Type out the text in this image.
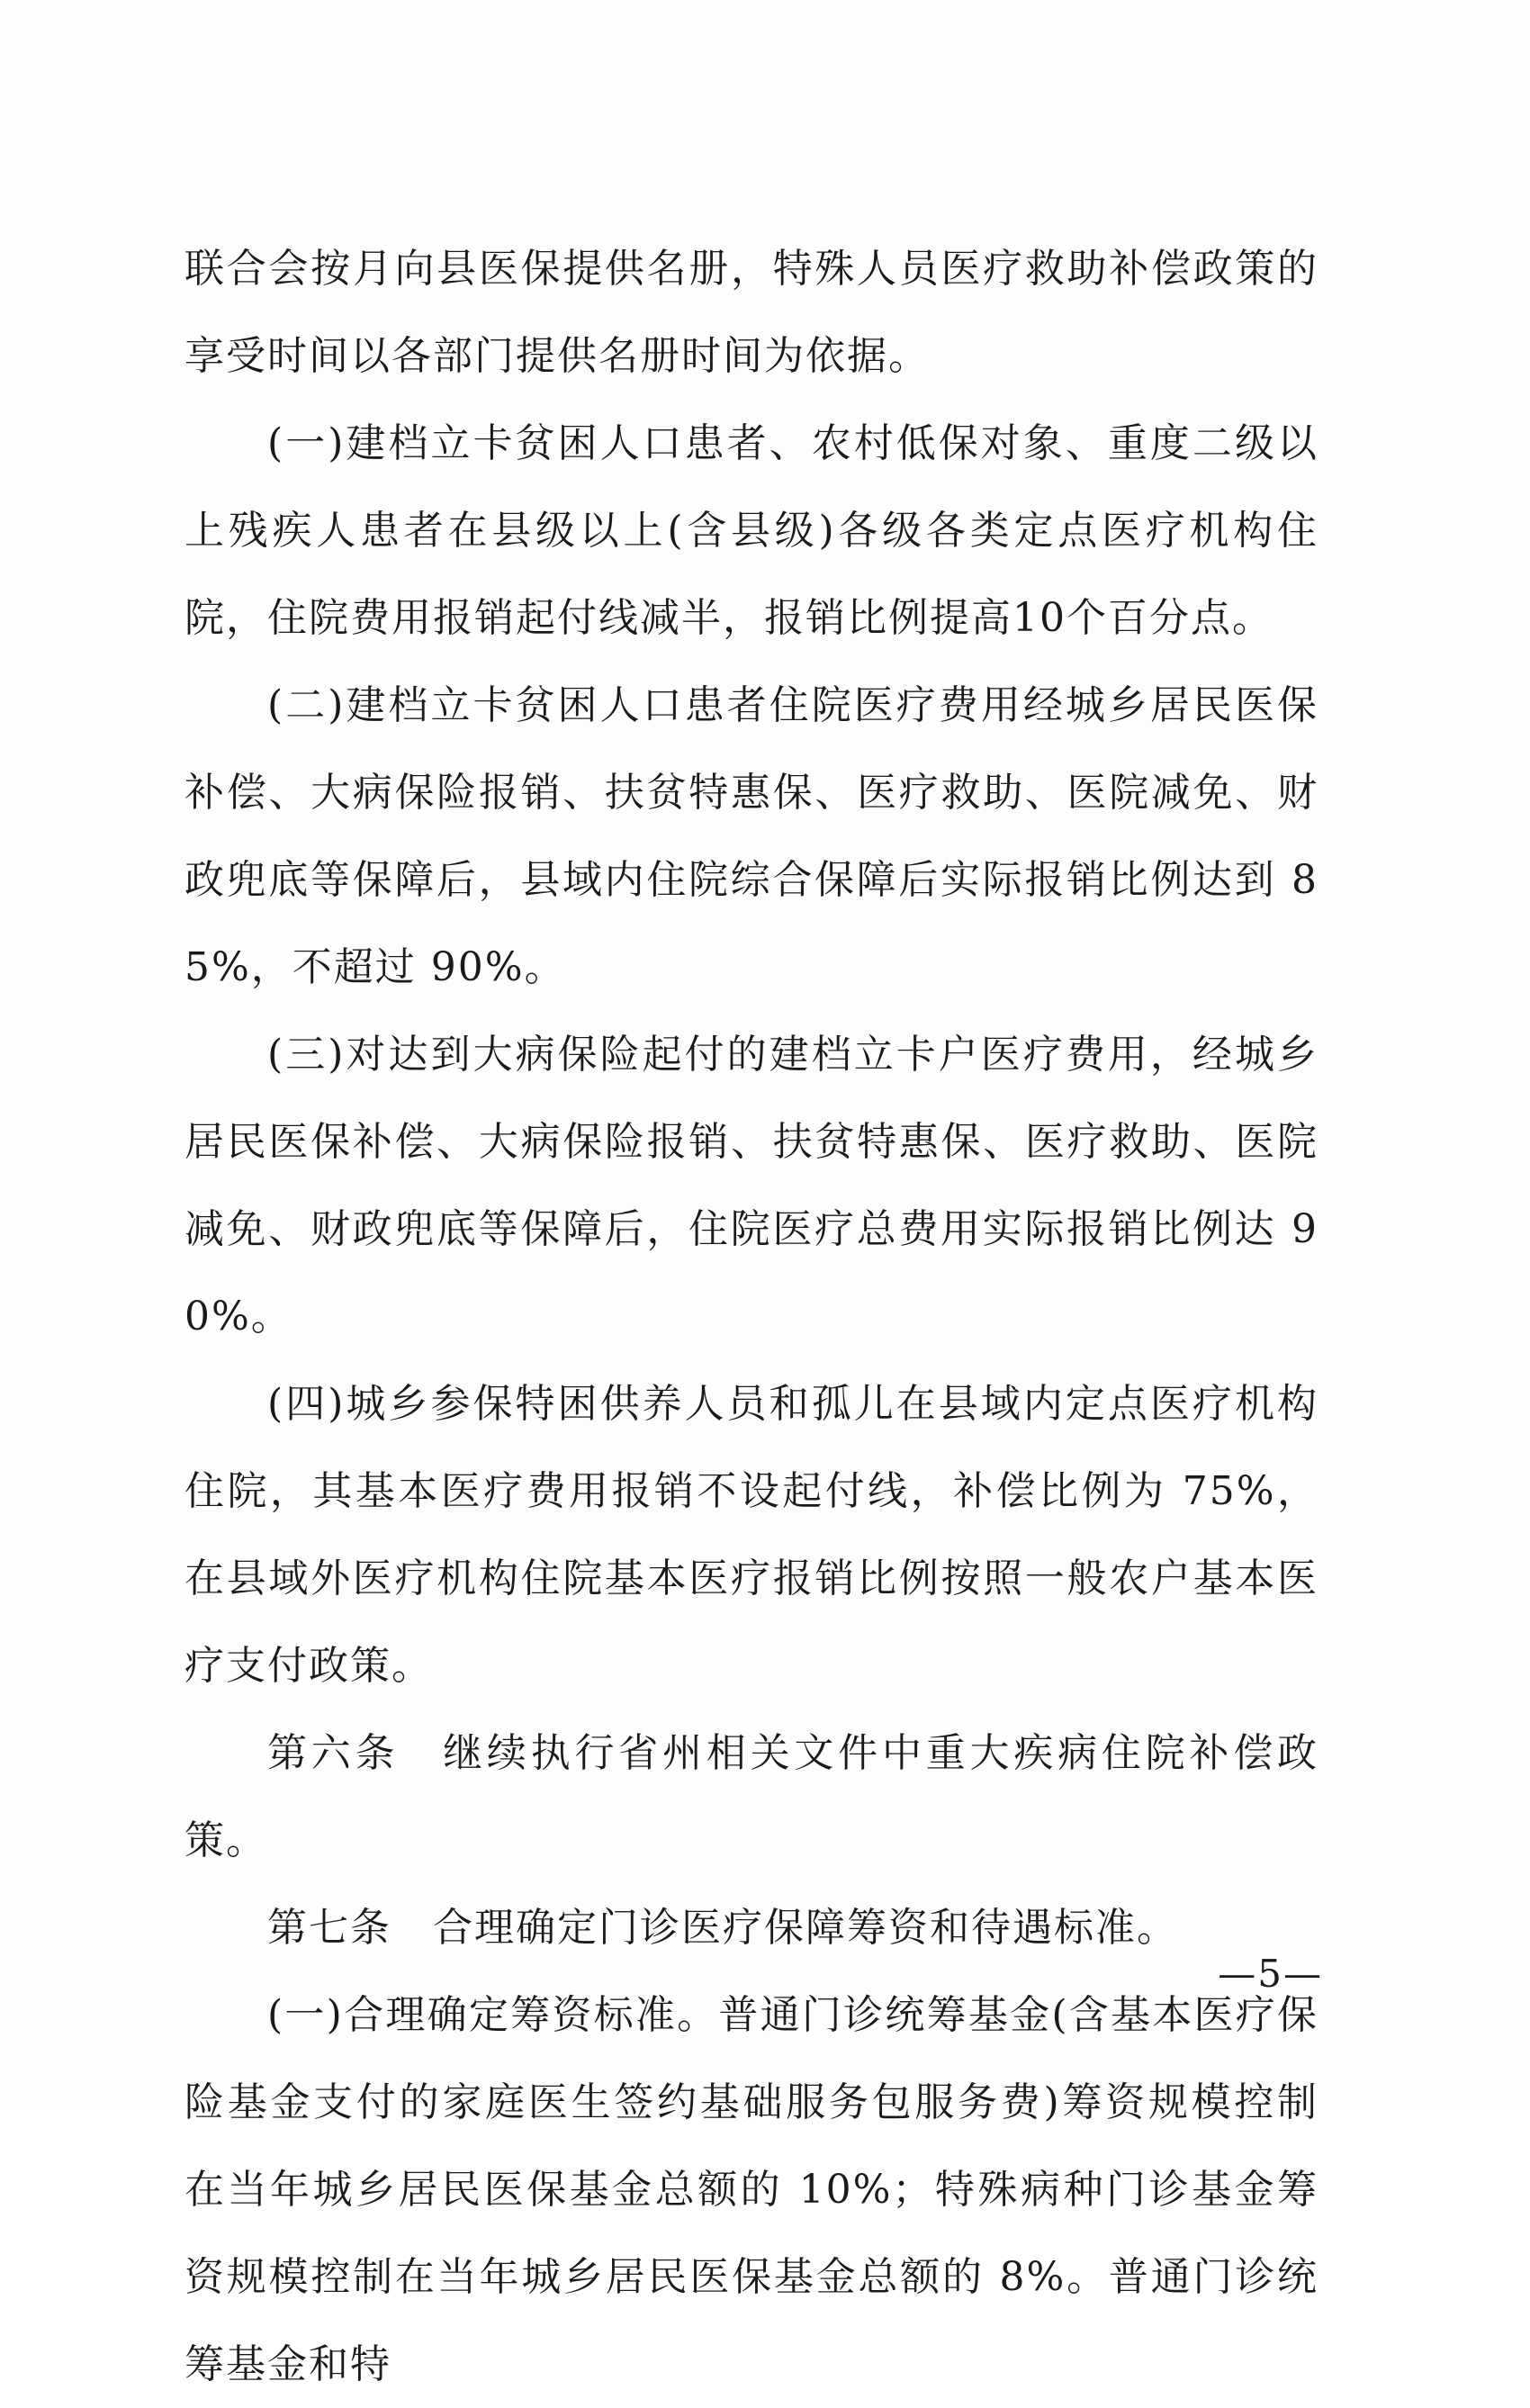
联合会按月向县医保提供名册，特殊人员医疗救助补偿政策的享受时间以各部门提供名册时间为依据。

(一)建档立卡贫困人口患者、农村低保对象、重度二级以上残疾人患者在县级以上(含县级)各级各类定点医疗机构住院，住院费用报销起付线减半，报销比例提高10个百分点。

(二)建档立卡贫困人口患者住院医疗费用经城乡居民医保补偿、大病保险报销、扶贫特惠保、医疗救助、医院减免、财政兜底等保障后，县域内住院综合保障后实际报销比例达到 85%，不超过 90%。

(三)对达到大病保险起付的建档立卡户医疗费用，经城乡居民医保补偿、大病保险报销、扶贫特惠保、医疗救助、医院减免、财政兜底等保障后，住院医疗总费用实际报销比例达 90%。

(四)城乡参保特困供养人员和孤儿在县域内定点医疗机构住院，其基本医疗费用报销不设起付线，补偿比例为 75%，在县域外医疗机构住院基本医疗报销比例按照一般农户基本医疗支付政策。

第六条　继续执行省州相关文件中重大疾病住院补偿政策。

第七条　合理确定门诊医疗保障筹资和待遇标准。

(一)合理确定筹资标准。普通门诊统筹基金(含基本医疗保险基金支付的家庭医生签约基础服务包服务费)筹资规模控制在当年城乡居民医保基金总额的 10%；特殊病种门诊基金筹资规模控制在当年城乡居民医保基金总额的 8%。普通门诊统筹基金和特

—5—
